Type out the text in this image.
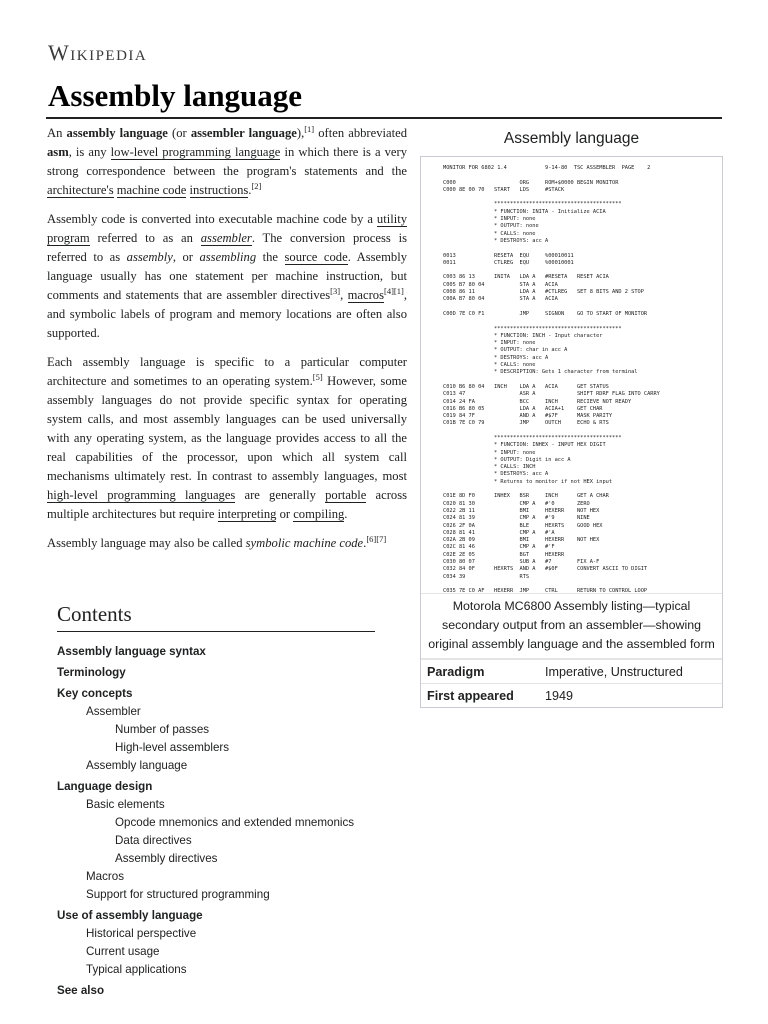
Wikipedia
Assembly language

An assembly language (or assembler language),[1] often abbreviated asm, is any low-level programming language in which there is a very strong correspondence between the program's statements and the architecture's machine code instructions.[2]

Assembly code is converted into executable machine code by a utility program referred to as an assembler. The conversion process is referred to as assembly, or assembling the source code. Assembly language usually has one statement per machine instruction, but comments and statements that are assembler directives[3], macros[4][1], and symbolic labels of program and memory locations are often also supported.

Each assembly language is specific to a particular computer architecture and sometimes to an operating system.[5] However, some assembly languages do not provide specific syntax for operating system calls, and most assembly languages can be used universally with any operating system, as the language provides access to all the real capabilities of the processor, upon which all system call mechanisms ultimately rest. In contrast to assembly languages, most high-level programming languages are generally portable across multiple architectures but require interpreting or compiling.

Assembly language may also be called symbolic machine code.[6][7]

Assembly language
MONITOR FOR 6802 1.4            9-14-80  TSC ASSEMBLER  PAGE    2

C000                    ORG     ROM+$0000 BEGIN MONITOR
C000 8E 00 70   START   LDS     #STACK

****************************************
* FUNCTION: INITA - Initialize ACIA
* INPUT: none
* OUTPUT: none
* CALLS: none
* DESTROYS: acc A

0013            RESETA  EQU     %00010011
0011            CTLREG  EQU     %00010001

C003 86 13      INITA   LDA A   #RESETA   RESET ACIA
C005 B7 80 04           STA A   ACIA
C008 86 11              LDA A   #CTLREG   SET 8 BITS AND 2 STOP
C00A B7 80 04           STA A   ACIA

C00D 7E C0 F1           JMP     SIGNON    GO TO START OF MONITOR

****************************************
* FUNCTION: INCH - Input character
* INPUT: none
* OUTPUT: char in acc A
* DESTROYS: acc A
* CALLS: none
* DESCRIPTION: Gets 1 character from terminal

C010 B6 80 04   INCH    LDA A   ACIA      GET STATUS
C013 47                 ASR A             SHIFT RDRF FLAG INTO CARRY
C014 24 FA              BCC     INCH      RECIEVE NOT READY
C016 B6 80 05           LDA A   ACIA+1    GET CHAR
C019 84 7F              AND A   #$7F      MASK PARITY
C01B 7E C0 79           JMP     OUTCH     ECHO & RTS

****************************************
* FUNCTION: INHEX - INPUT HEX DIGIT
* INPUT: none
* OUTPUT: Digit in acc A
* CALLS: INCH
* DESTROYS: acc A
* Returns to monitor if not HEX input

C01E 8D F0      INHEX   BSR     INCH      GET A CHAR
C020 81 30              CMP A   #'0       ZERO
C022 2B 11              BMI     HEXERR    NOT HEX
C024 81 39              CMP A   #'9       NINE
C026 2F 0A              BLE     HEXRTS    GOOD HEX
C028 81 41              CMP A   #'A
C02A 2B 09              BMI     HEXERR    NOT HEX
C02C 81 46              CMP A   #'F
C02E 2E 05              BGT     HEXERR
C030 80 07              SUB A   #7        FIX A-F
C032 84 0F      HEXRTS  AND A   #$0F      CONVERT ASCII TO DIGIT
C034 39                 RTS

C035 7E C0 AF   HEXERR  JMP     CTRL      RETURN TO CONTROL LOOP
Motorola MC6800 Assembly listing—typical secondary output from an assembler—showing original assembly language and the assembled form
Paradigm	Imperative, Unstructured
First appeared	1949
Contents
Assembly language syntax
Terminology
Key concepts
Assembler
Number of passes
High-level assemblers
Assembly language
Language design
Basic elements
Opcode mnemonics and extended mnemonics
Data directives
Assembly directives
Macros
Support for structured programming
Use of assembly language
Historical perspective
Current usage
Typical applications
See also
